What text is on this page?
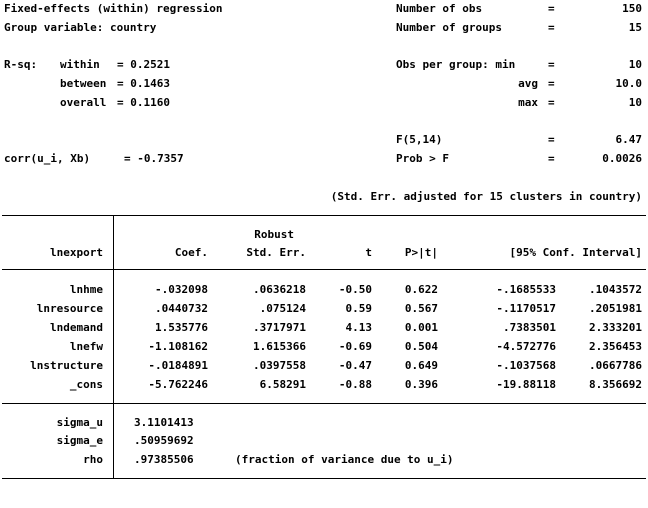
Fixed-effects (within) regression
Group variable: country
Number of obs	=	150
Number of groups	=	15
R-sq: within = 0.2521
between = 0.1463
overall = 0.1160
Obs per group: min	=	10
avg =	10.0
max =	10
F(5,14)	=	6.47
corr(u_i, Xb)	= -0.7357	Prob > F	=	0.0026
(Std. Err. adjusted for 15 clusters in country)
Robust
lnexport	Coef.	Std. Err.	t	P>|t|	[95% Conf. Interval]
lnhme	-.032098	.0636218	-0.50	0.622	-.1685533	.1043572
lnresource	.0440732	.075124	0.59	0.567	-.1170517	.2051981
lndemand	1.535776	.3717971	4.13	0.001	.7383501	2.333201
lnefw	-1.108162	1.615366	-0.69	0.504	-4.572776	2.356453
lnstructure	-.0184891	.0397558	-0.47	0.649	-.1037568	.0667786
_cons	-5.762246	6.58291	-0.88	0.396	-19.88118	8.356692
sigma_u	3.1101413
sigma_e	.50959692
rho	.97385506	(fraction of variance due to u_i)
